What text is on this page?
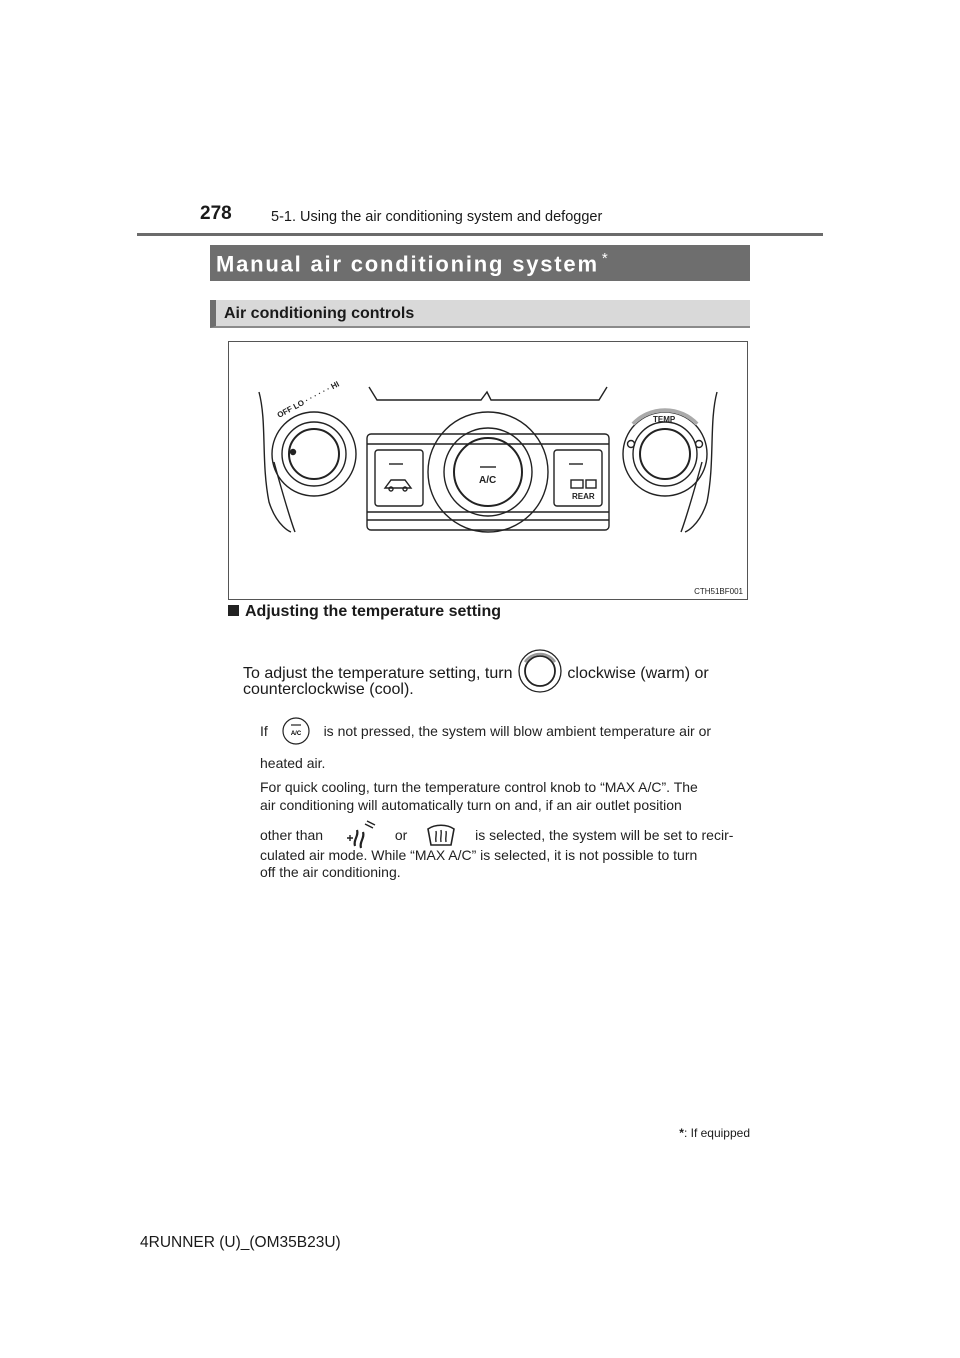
278	5-1. Using the air conditioning system and defogger
Manual air conditioning system *
Air conditioning controls
OFF LO · · · · · · HI	TEMP
A/C
REAR
CTH51BF001
Adjusting the temperature setting
To adjust the temperature setting, turn	clockwise (warm) or
counterclockwise (cool).
If	A/C is not pressed, the system will blow ambient temperature air or
heated air.
For quick cooling, turn the temperature control knob to “MAX A/C”. The
air conditioning will automatically turn on and, if an air outlet position
other than	or	is selected, the system will be set to recir-
culated air mode. While “MAX A/C” is selected, it is not possible to turn
off the air conditioning.
*: If equipped
4RUNNER (U)_(OM35B23U)
